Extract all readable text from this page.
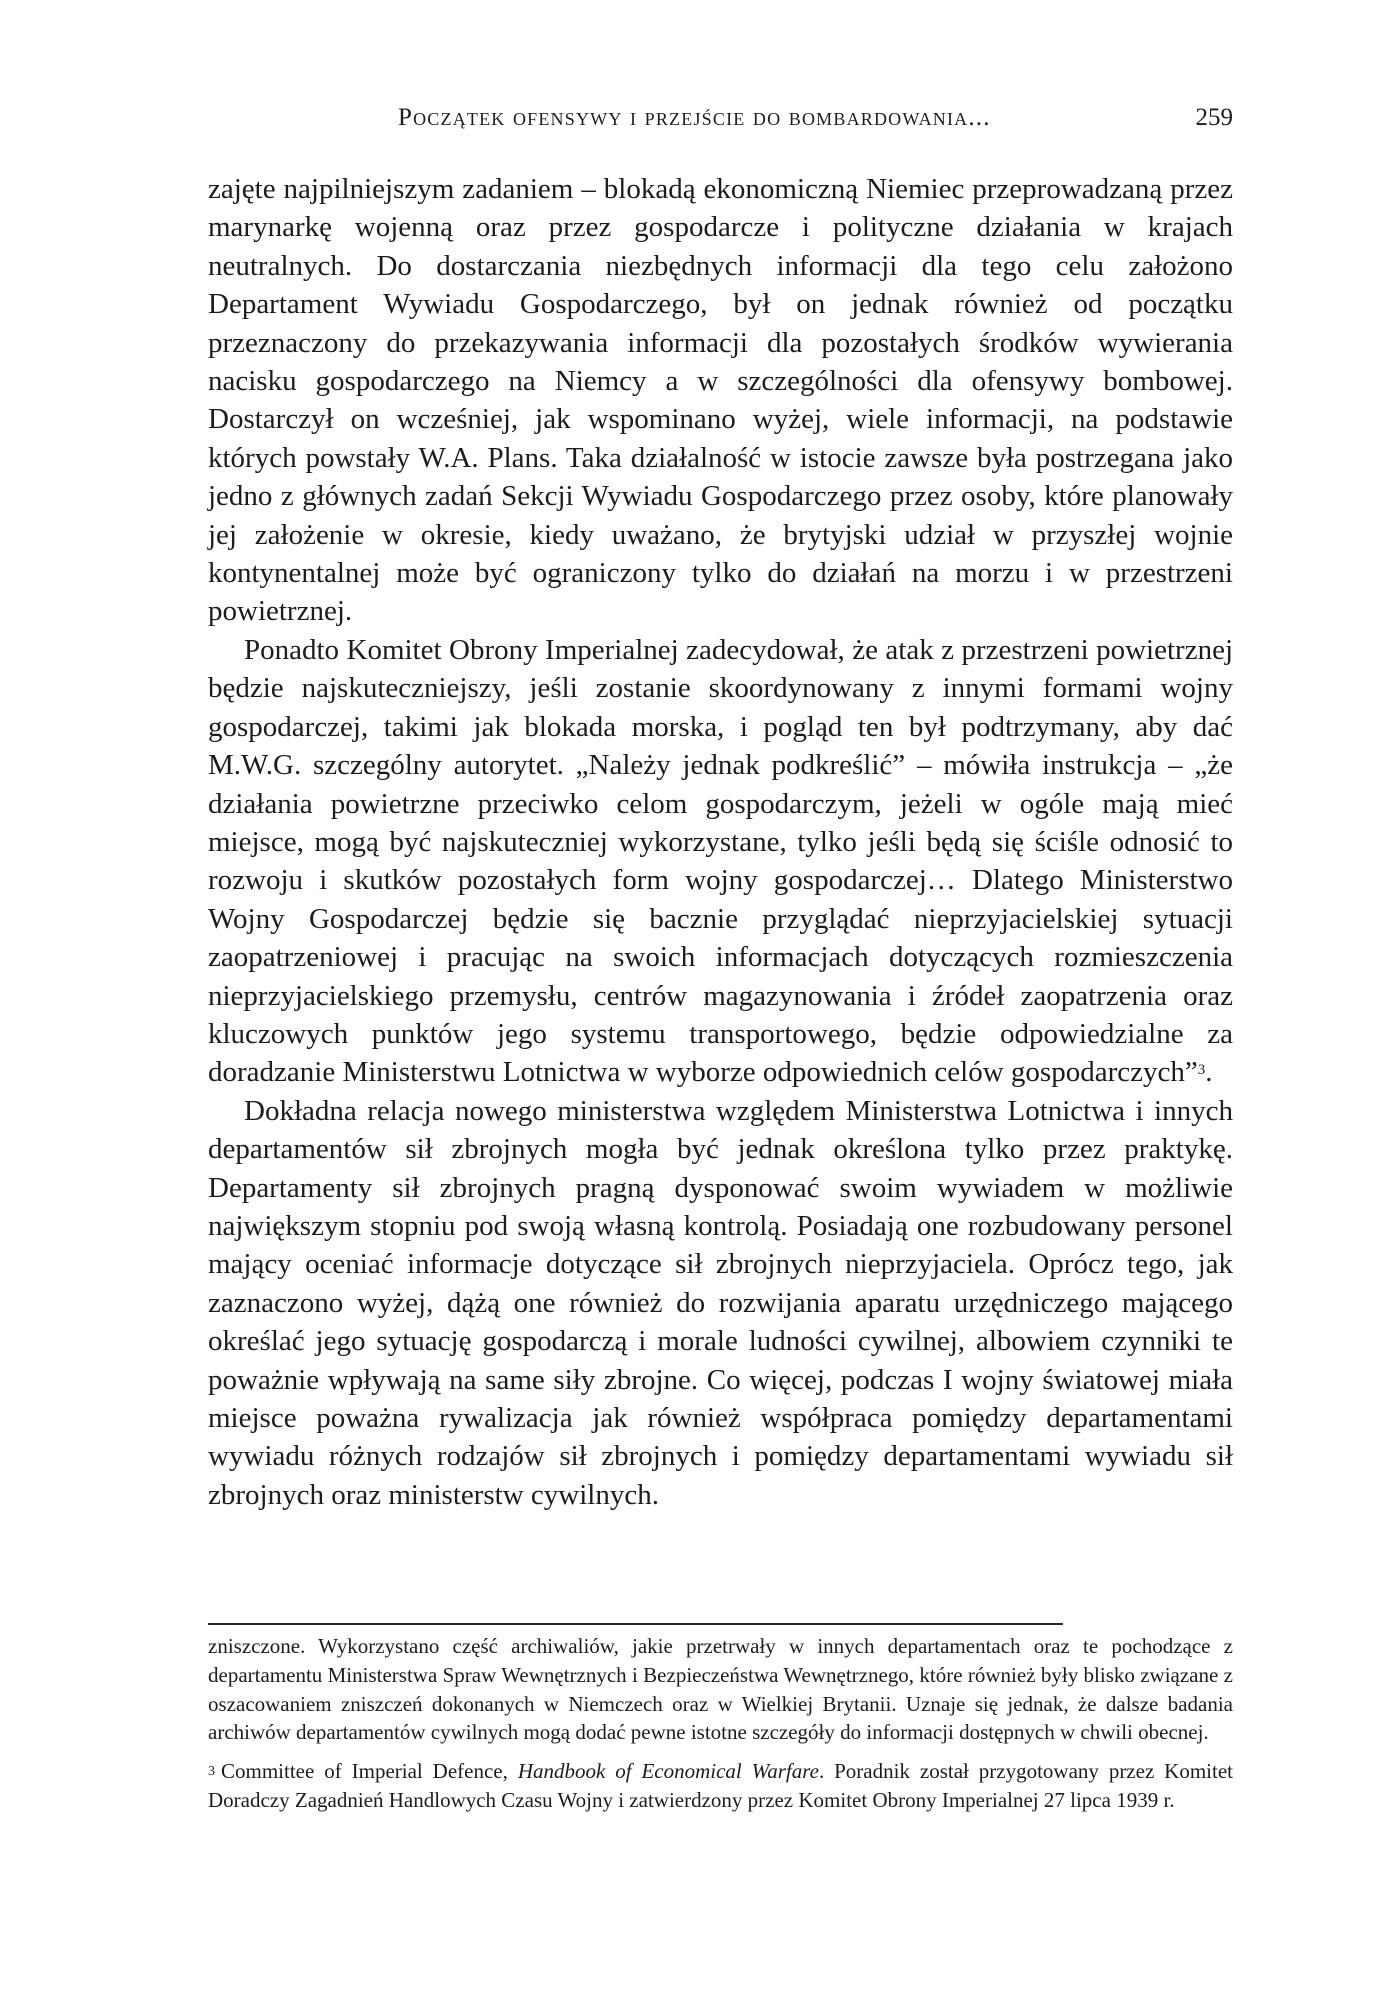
Początek ofensywy i przejście do bombardowania...	259

zajęte najpilniejszym zadaniem – blokadą ekonomiczną Niemiec przeprowadzaną przez marynarkę wojenną oraz przez gospodarcze i polityczne działania w krajach neutralnych. Do dostarczania niezbędnych informacji dla tego celu założono Departament Wywiadu Gospodarczego, był on jednak również od początku przeznaczony do przekazywania informacji dla pozostałych środków wywierania nacisku gospodarczego na Niemcy a w szczególności dla ofensywy bombowej. Dostarczył on wcześniej, jak wspominano wyżej, wiele informacji, na podstawie których powstały W.A. Plans. Taka działalność w istocie zawsze była postrzegana jako jedno z głównych zadań Sekcji Wywiadu Gospodarczego przez osoby, które planowały jej założenie w okresie, kiedy uważano, że brytyjski udział w przyszłej wojnie kontynentalnej może być ograniczony tylko do działań na morzu i w przestrzeni powietrznej.

Ponadto Komitet Obrony Imperialnej zadecydował, że atak z przestrzeni powietrznej będzie najskuteczniejszy, jeśli zostanie skoordynowany z innymi formami wojny gospodarczej, takimi jak blokada morska, i pogląd ten był podtrzymany, aby dać M.W.G. szczególny autorytet. „Należy jednak podkreślić” – mówiła instrukcja – „że działania powietrzne przeciwko celom gospodarczym, jeżeli w ogóle mają mieć miejsce, mogą być najskuteczniej wykorzystane, tylko jeśli będą się ściśle odnosić to rozwoju i skutków pozostałych form wojny gospodarczej… Dlatego Ministerstwo Wojny Gospodarczej będzie się bacznie przyglądać nieprzyjacielskiej sytuacji zaopatrzeniowej i pracując na swoich informacjach dotyczących rozmieszczenia nieprzyjacielskiego przemysłu, centrów magazynowania i źródeł zaopatrzenia oraz kluczowych punktów jego systemu transportowego, będzie odpowiedzialne za doradzanie Ministerstwu Lotnictwa w wyborze odpowiednich celów gospodarczych”$^3$.

Dokładna relacja nowego ministerstwa względem Ministerstwa Lotnictwa i innych departamentów sił zbrojnych mogła być jednak określona tylko przez praktykę. Departamenty sił zbrojnych pragną dysponować swoim wywiadem w możliwie największym stopniu pod swoją własną kontrolą. Posiadają one rozbudowany personel mający oceniać informacje dotyczące sił zbrojnych nieprzyjaciela. Oprócz tego, jak zaznaczono wyżej, dążą one również do rozwijania aparatu urzędniczego mającego określać jego sytuację gospodarczą i morale ludności cywilnej, albowiem czynniki te poważnie wpływają na same siły zbrojne. Co więcej, podczas I wojny światowej miała miejsce poważna rywalizacja jak również współpraca pomiędzy departamentami wywiadu różnych rodzajów sił zbrojnych i pomiędzy departamentami wywiadu sił zbrojnych oraz ministerstw cywilnych.

zniszczone. Wykorzystano część archiwaliów, jakie przetrwały w innych departamentach oraz te pochodzące z departamentu Ministerstwa Spraw Wewnętrznych i Bezpieczeństwa Wewnętrznego, które również były blisko związane z oszacowaniem zniszczeń dokonanych w Niemczech oraz w Wielkiej Brytanii. Uznaje się jednak, że dalsze badania archiwów departamentów cywilnych mogą dodać pewne istotne szczegóły do informacji dostępnych w chwili obecnej.

$^3$ Committee of Imperial Defence, Handbook of Economical Warfare. Poradnik został przygotowany przez Komitet Doradczy Zagadnień Handlowych Czasu Wojny i zatwierdzony przez Komitet Obrony Imperialnej 27 lipca 1939 r.
